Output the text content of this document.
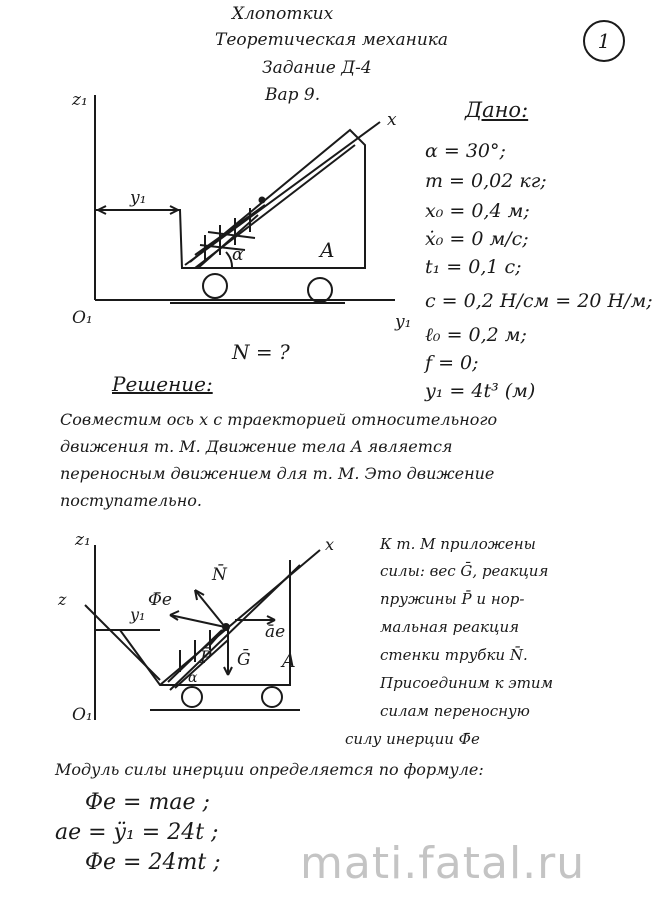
Хлопотких
Теоретическая механика
Задание Д-4
Вар 9.
1
z₁
y₁
x
O₁
y₁
α	A
N = ?
Дано:
α = 30°;
m = 0,02 кг;
x₀ = 0,4 м;
ẋ₀ = 0 м/с;
t₁ = 0,1 с;
c = 0,2 Н/см = 20 Н/м;
ℓ₀ = 0,2 м;
f = 0;
y₁ = 4t³ (м)
Решение:
Совместим ось x с траекторией относительного
движения т. M. Движение тела A является
переносным движением для т. M. Это движение
поступательно.
z₁	x
O₁
z
y₁
N̄
Φ̄e
āe
P̄ Ḡ A
α
К т. M приложены
силы: вес Ḡ, реакция
пружины P̄ и нор-
мальная реакция
стенки трубки N̄.
Присоединим к этим
силам переносную
силу инерции Φ̄e
Модуль силы инерции определяется по формуле:
Φe = mae ;
ae = ÿ₁ = 24t ;
Φe = 24mt ; mati.fatal.ru
